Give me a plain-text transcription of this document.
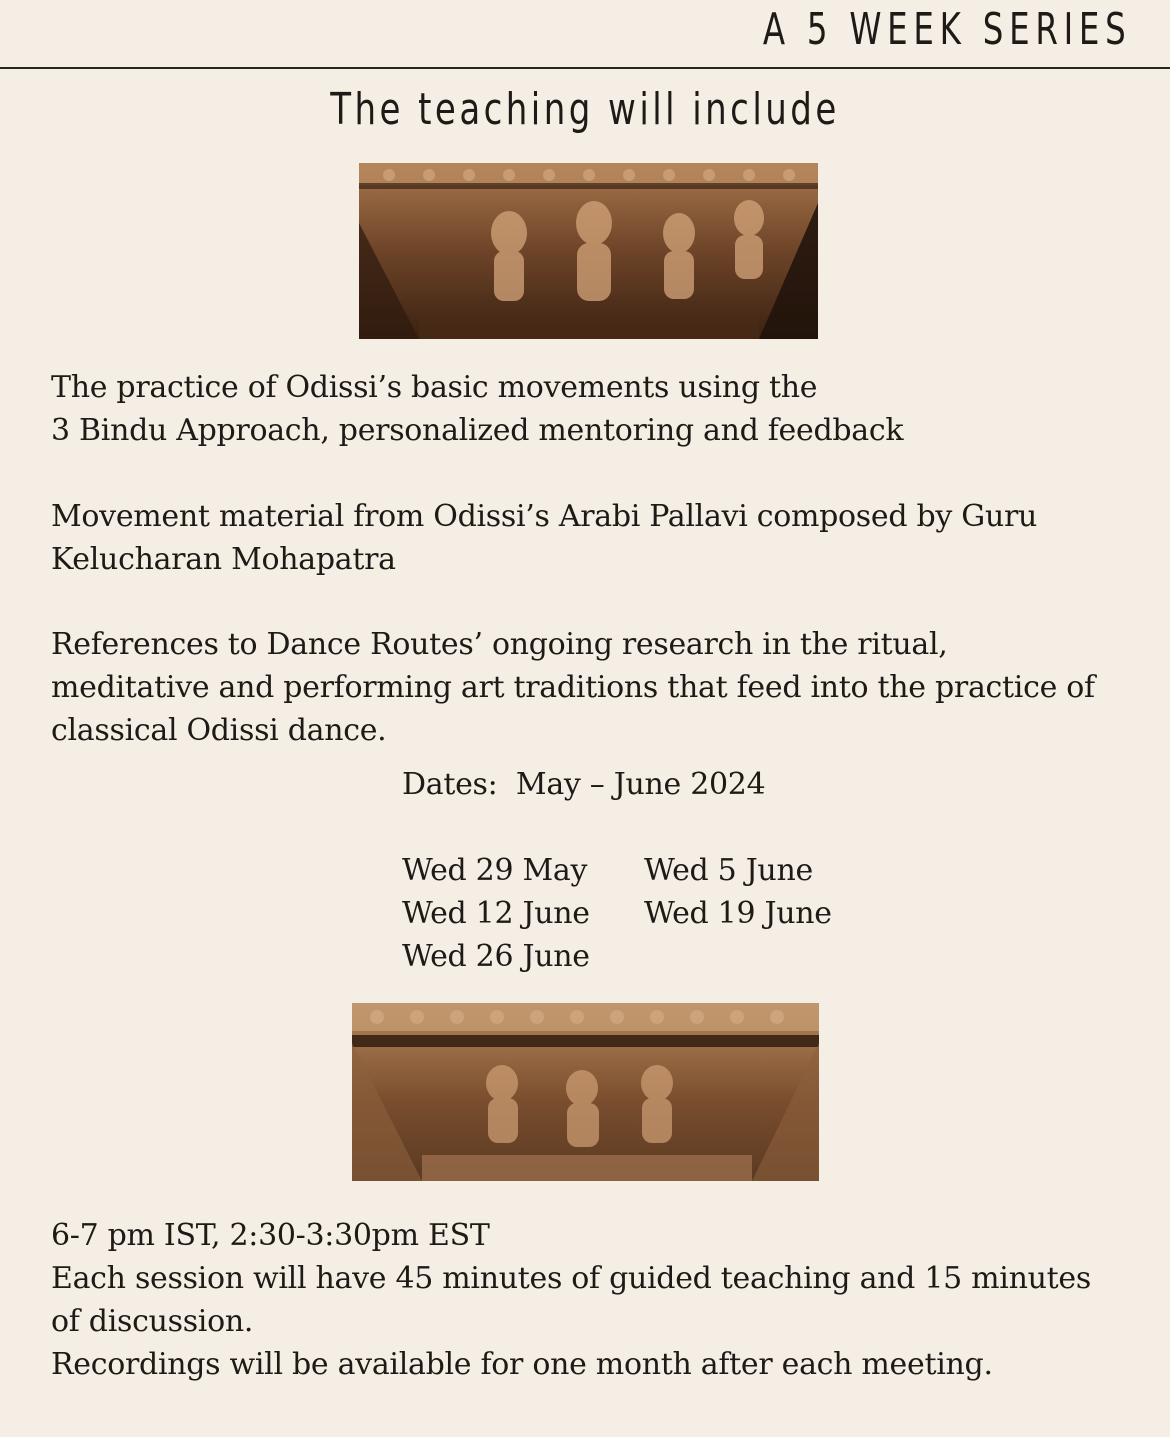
A 5 WEEK SERIES
The teaching will include

The practice of Odissi’s basic movements using the
3 Bindu Approach, personalized mentoring and feedback

Movement material from Odissi’s Arabi Pallavi composed by Guru
Kelucharan Mohapatra

References to Dance Routes’ ongoing research in the ritual,
meditative and performing art traditions that feed into the practice of
classical Odissi dance.

Dates:  May – June 2024
Wed 29 May Wed 5 June
Wed 12 June Wed 19 June
Wed 26 June

6-7 pm IST, 2:30-3:30pm EST
Each session will have 45 minutes of guided teaching and 15 minutes
of discussion.
Recordings will be available for one month after each meeting.
